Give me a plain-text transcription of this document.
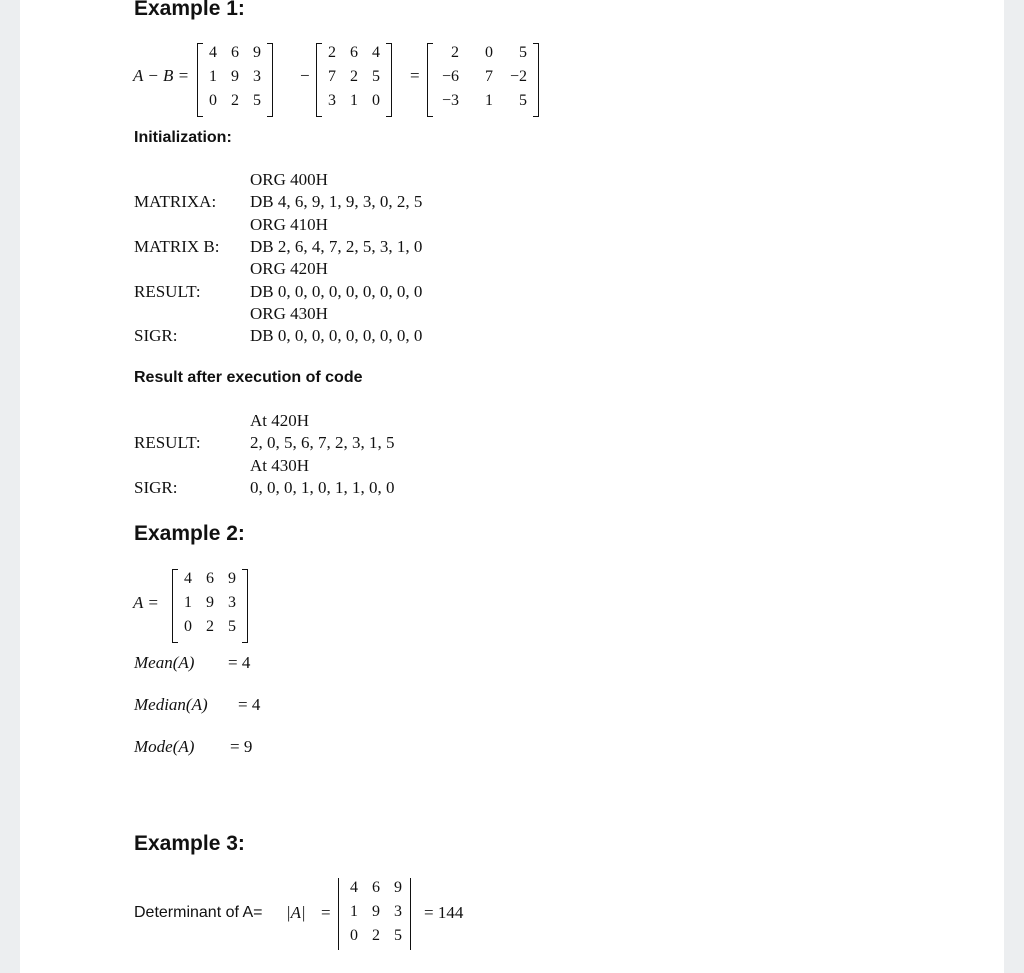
Example 1:
A − B =
4 6 9
1 9 3
0 2 5
−
2 6 4
7 2 5
3 1 0
=
2	0	5
−6	7	−2
−3	1	5
Initialization:
ORG 400H
MATRIXA: DB 4, 6, 9, 1, 9, 3, 0, 2, 5
ORG 410H
MATRIX B: DB 2, 6, 4, 7, 2, 5, 3, 1, 0
ORG 420H
RESULT:	DB 0, 0, 0, 0, 0, 0, 0, 0, 0
ORG 430H
SIGR:	DB 0, 0, 0, 0, 0, 0, 0, 0, 0
Result after execution of code
At 420H
RESULT:	2, 0, 5, 6, 7, 2, 3, 1, 5
At 430H
SIGR:	0, 0, 0, 1, 0, 1, 1, 0, 0
Example 2:
A =
4 6 9
1 9 3
0 2 5
Mean(A) = 4
Median(A) = 4
Mode(A) = 9
Example 3:
Determinant of A= |A| =
4 6 9
1 9 3
0 2 5
= 144
